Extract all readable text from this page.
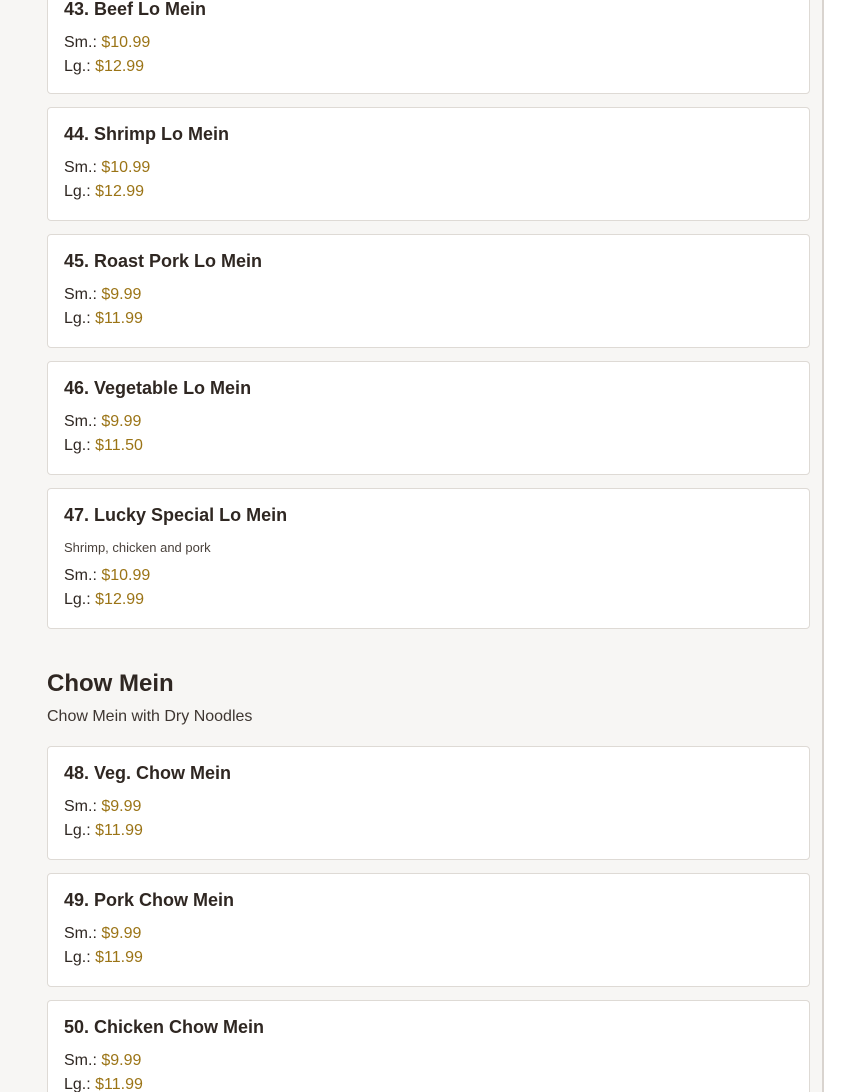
43. Beef Lo Mein
Sm.: $10.99
Lg.: $12.99
44. Shrimp Lo Mein
Sm.: $10.99
Lg.: $12.99
45. Roast Pork Lo Mein
Sm.: $9.99
Lg.: $11.99
46. Vegetable Lo Mein
Sm.: $9.99
Lg.: $11.50
47. Lucky Special Lo Mein
Shrimp, chicken and pork
Sm.: $10.99
Lg.: $12.99
Chow Mein
Chow Mein with Dry Noodles
48. Veg. Chow Mein
Sm.: $9.99
Lg.: $11.99
49. Pork Chow Mein
Sm.: $9.99
Lg.: $11.99
50. Chicken Chow Mein
Sm.: $9.99
Lg.: $11.99
